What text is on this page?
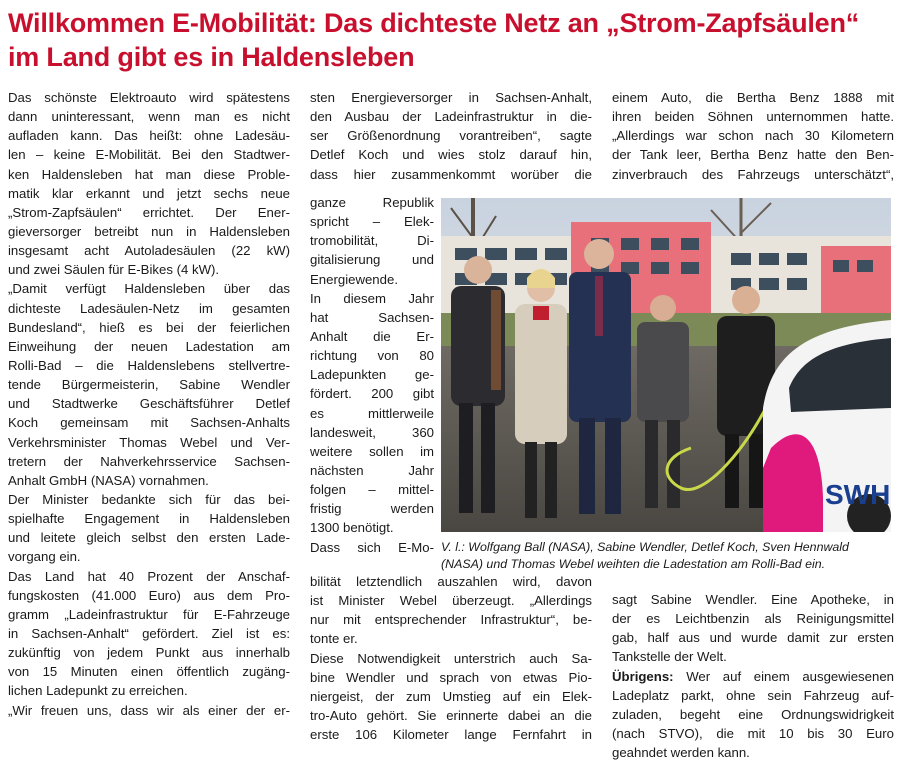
Willkommen E-Mobilität: Das dichteste Netz an „Strom-Zapfsäulen“
im Land gibt es in Haldensleben
Das schönste Elektroauto wird spätestens
dann uninteressant, wenn man es nicht
aufladen kann. Das heißt: ohne Ladesäu-
len – keine E-Mobilität. Bei den Stadtwer-
ken Haldensleben hat man diese Proble-
matik klar erkannt und jetzt sechs neue
„Strom-Zapfsäulen“ errichtet. Der Ener-
gieversorger betreibt nun in Haldensleben
insgesamt acht Autoladesäulen (22 kW)
und zwei Säulen für E-Bikes (4 kW).
„Damit verfügt Haldensleben über das
dichteste Ladesäulen-Netz im gesamten
Bundesland“, hieß es bei der feierlichen
Einweihung der neuen Ladestation am
Rolli-Bad – die Haldenslebens stellvertre-
tende Bürgermeisterin, Sabine Wendler
und Stadtwerke Geschäftsführer Detlef
Koch gemeinsam mit Sachsen-Anhalts
Verkehrsminister Thomas Webel und Ver-
tretern der Nahverkehrsservice Sachsen-
Anhalt GmbH (NASA) vornahmen.
Der Minister bedankte sich für das bei-
spielhafte Engagement in Haldensleben
und leitete gleich selbst den ersten Lade-
vorgang ein.
Das Land hat 40 Prozent der Anschaf-
fungskosten (41.000 Euro) aus dem Pro-
gramm „Ladeinfrastruktur für E-Fahrzeuge
in Sachsen-Anhalt“ gefördert. Ziel ist es:
zukünftig von jedem Punkt aus innerhalb
von 15 Minuten einen öffentlich zugäng-
lichen Ladepunkt zu erreichen.
„Wir freuen uns, dass wir als einer der er-
sten Energieversorger in Sachsen-Anhalt,
den Ausbau der Ladeinfrastruktur in die-
ser Größenordnung vorantreiben“, sagte
Detlef Koch und wies stolz darauf hin,
dass hier zusammenkommt worüber die
ganze Republik
spricht – Elek-
tromobilität, Di-
gitalisierung und
Energiewende.
In diesem Jahr
hat Sachsen-
Anhalt die Er-
richtung von 80
Ladepunkten ge-
fördert. 200 gibt
es mittlerweile
landesweit, 360
weitere sollen im
nächsten Jahr
folgen – mittel-
fristig werden
1300 benötigt.
Dass sich E-Mo-
bilität letztendlich auszahlen wird, davon
ist Minister Webel überzeugt. „Allerdings
nur mit entsprechender Infrastruktur“, be-
tonte er.
Diese Notwendigkeit unterstrich auch Sa-
bine Wendler und sprach von etwas Pio-
niergeist, der zum Umstieg auf ein Elek-
tro-Auto gehört. Sie erinnerte dabei an die
erste 106 Kilometer lange Fernfahrt in
einem Auto, die Bertha Benz 1888 mit
ihren beiden Söhnen unternommen hatte.
„Allerdings war schon nach 30 Kilometern
der Tank leer, Bertha Benz hatte den Ben-
zinverbrauch des Fahrzeugs unterschätzt“,
sagt Sabine Wendler. Eine Apotheke, in
der es Leichtbenzin als Reinigungsmittel
gab, half aus und wurde damit zur ersten
Tankstelle der Welt.
Übrigens: Wer auf einem ausgewiesenen
Ladeplatz parkt, ohne sein Fahrzeug auf-
zuladen, begeht eine Ordnungswidrigkeit
(nach STVO), die mit 10 bis 30 Euro
geahndet werden kann.
SWH
V. l.: Wolfgang Ball (NASA), Sabine Wendler, Detlef Koch, Sven Hennwald
(NASA) und Thomas Webel weihten die Ladestation am Rolli-Bad ein.
